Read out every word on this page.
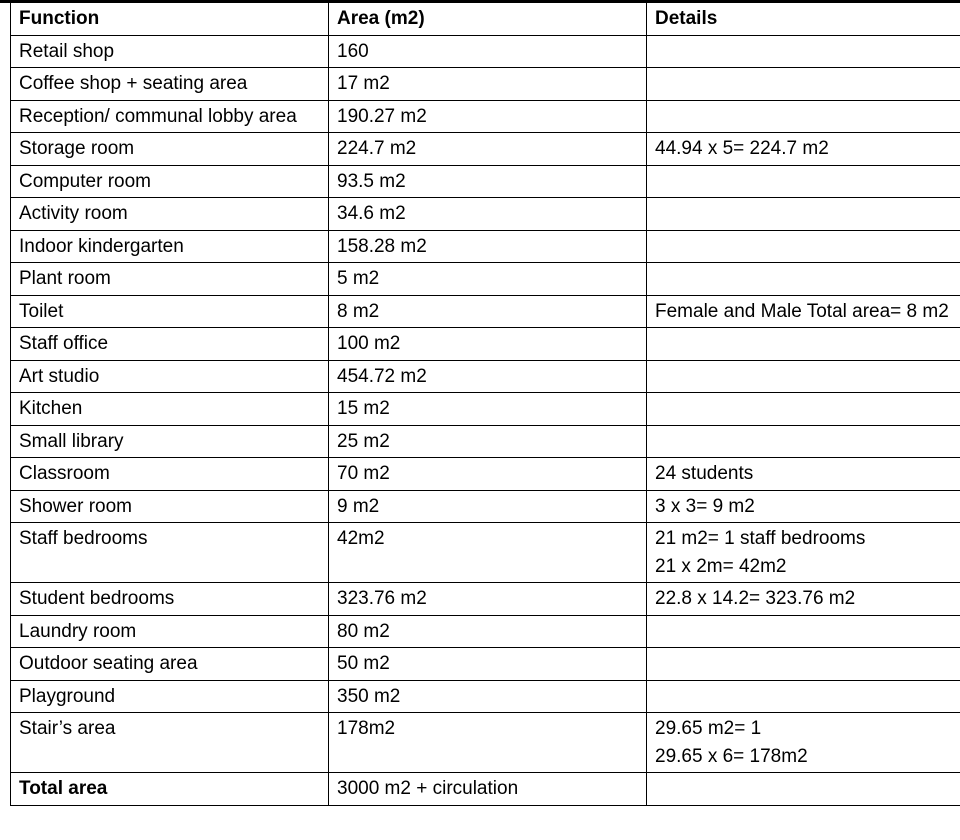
Function	Area (m2)	Details
Retail shop	160	
Coffee shop + seating area	17 m2	
Reception/ communal lobby area	190.27 m2	
Storage room	224.7 m2	44.94 x 5= 224.7 m2
Computer room	93.5 m2	
Activity room	34.6 m2	
Indoor kindergarten	158.28 m2	
Plant room	5 m2	
Toilet	8 m2	Female and Male Total area= 8 m2
Staff office	100 m2	
Art studio	454.72 m2	
Kitchen	15 m2	
Small library	25 m2	
Classroom	70 m2	24 students
Shower room	9 m2	3 x 3= 9 m2
Staff bedrooms	42m2	21 m2= 1 staff bedrooms
21 x 2m= 42m2
Student bedrooms	323.76 m2	22.8 x 14.2= 323.76 m2
Laundry room	80 m2	
Outdoor seating area	50 m2	
Playground	350 m2	
Stair’s area	178m2	29.65 m2= 1
29.65 x 6= 178m2
Total area	3000 m2 + circulation	
